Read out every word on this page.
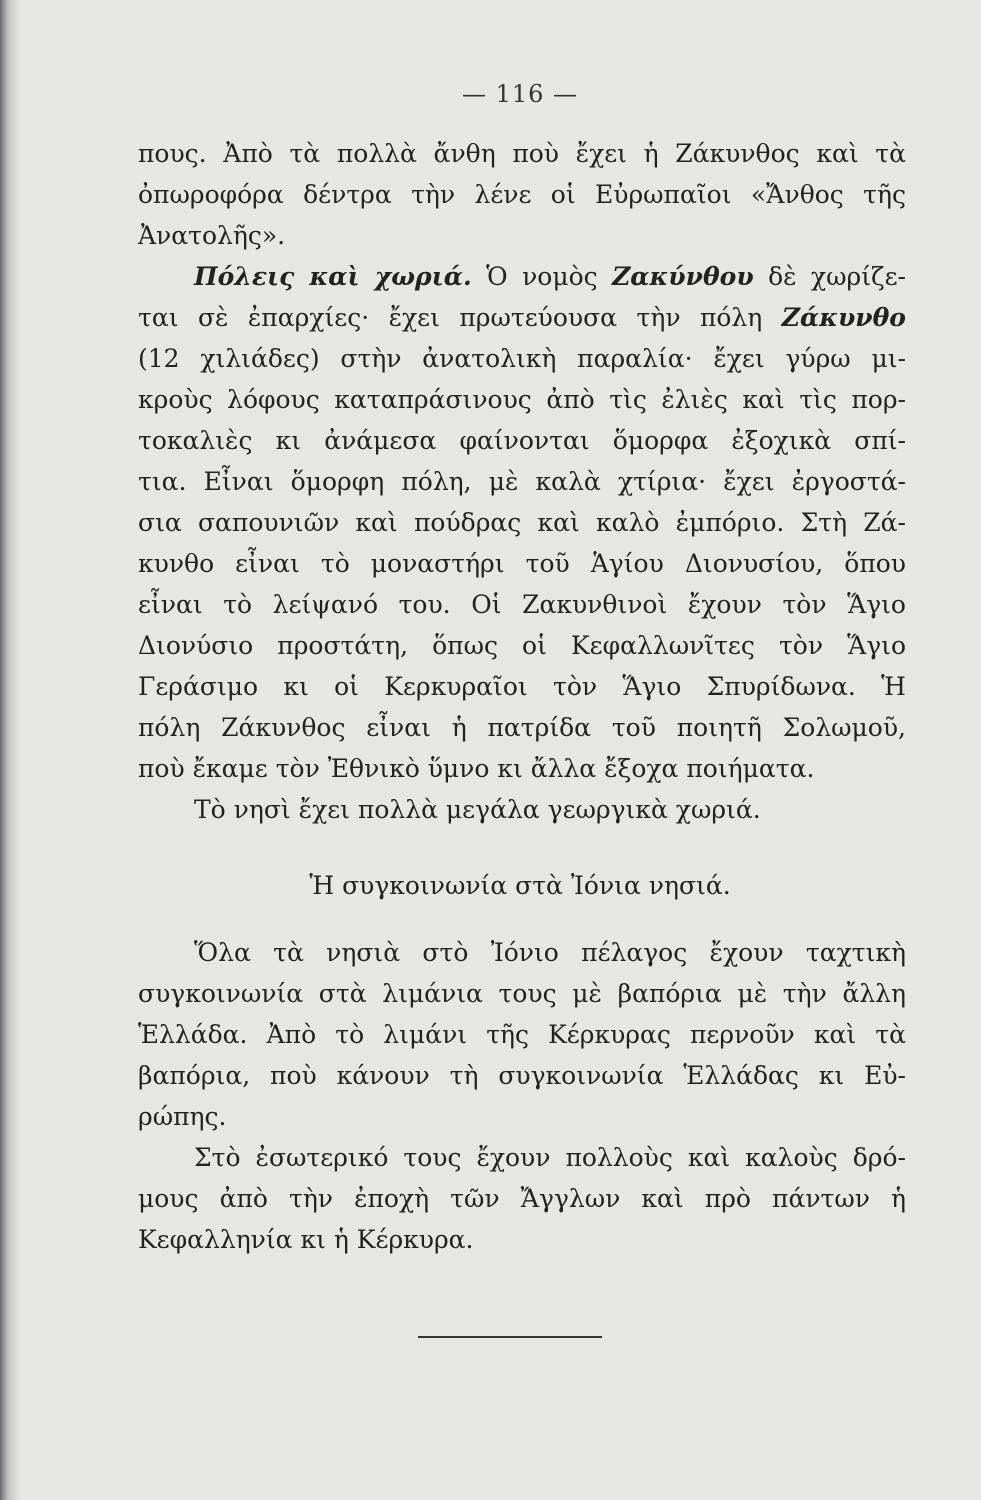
— 116 —
πους. Ἀπὸ τὰ πολλὰ ἄνθη ποὺ ἔχει ἡ Ζάκυνθος καὶ τὰ
ὀπωροφόρα δέντρα τὴν λένε οἱ Εὐρωπαῖοι «Ἄνθος τῆς
Ἀνατολῆς».
Πόλεις καὶ χωριά. Ὁ νομὸς Ζακύνθου δὲ χωρίζε-
ται σὲ ἐπαρχίες· ἔχει πρωτεύουσα τὴν πόλη Ζάκυνθο
(12 χιλιάδες) στὴν ἀνατολικὴ παραλία· ἔχει γύρω μι-
κροὺς λόφους καταπράσινους ἀπὸ τὶς ἐλιὲς καὶ τὶς πορ-
τοκαλιὲς κι ἀνάμεσα φαίνονται ὅμορφα ἐξοχικὰ σπί-
τια. Εἶναι ὅμορφη πόλη, μὲ καλὰ χτίρια· ἔχει ἐργοστά-
σια σαπουνιῶν καὶ πούδρας καὶ καλὸ ἐμπόριο. Στὴ Ζά-
κυνθο εἶναι τὸ μοναστήρι τοῦ Ἁγίου Διονυσίου, ὅπου
εἶναι τὸ λείψανό του. Οἱ Ζακυνθινοὶ ἔχουν τὸν Ἅγιο
Διονύσιο προστάτη, ὅπως οἱ Κεφαλλωνῖτες τὸν Ἅγιο
Γεράσιμο κι οἱ Κερκυραῖοι τὸν Ἅγιο Σπυρίδωνα. Ἡ
πόλη Ζάκυνθος εἶναι ἡ πατρίδα τοῦ ποιητῆ Σολωμοῦ,
ποὺ ἔκαμε τὸν Ἐθνικὸ ὕμνο κι ἄλλα ἔξοχα ποιήματα.
Τὸ νησὶ ἔχει πολλὰ μεγάλα γεωργικὰ χωριά.
Ἡ συγκοινωνία στὰ Ἰόνια νησιά.
Ὅλα τὰ νησιὰ στὸ Ἰόνιο πέλαγος ἔχουν ταχτικὴ
συγκοινωνία στὰ λιμάνια τους μὲ βαπόρια μὲ τὴν ἄλλη
Ἑλλάδα. Ἀπὸ τὸ λιμάνι τῆς Κέρκυρας περνοῦν καὶ τὰ
βαπόρια, ποὺ κάνουν τὴ συγκοινωνία Ἑλλάδας κι Εὐ-
ρώπης.
Στὸ ἐσωτερικό τους ἔχουν πολλοὺς καὶ καλοὺς δρό-
μους ἀπὸ τὴν ἐποχὴ τῶν Ἄγγλων καὶ πρὸ πάντων ἡ
Κεφαλληνία κι ἡ Κέρκυρα.
